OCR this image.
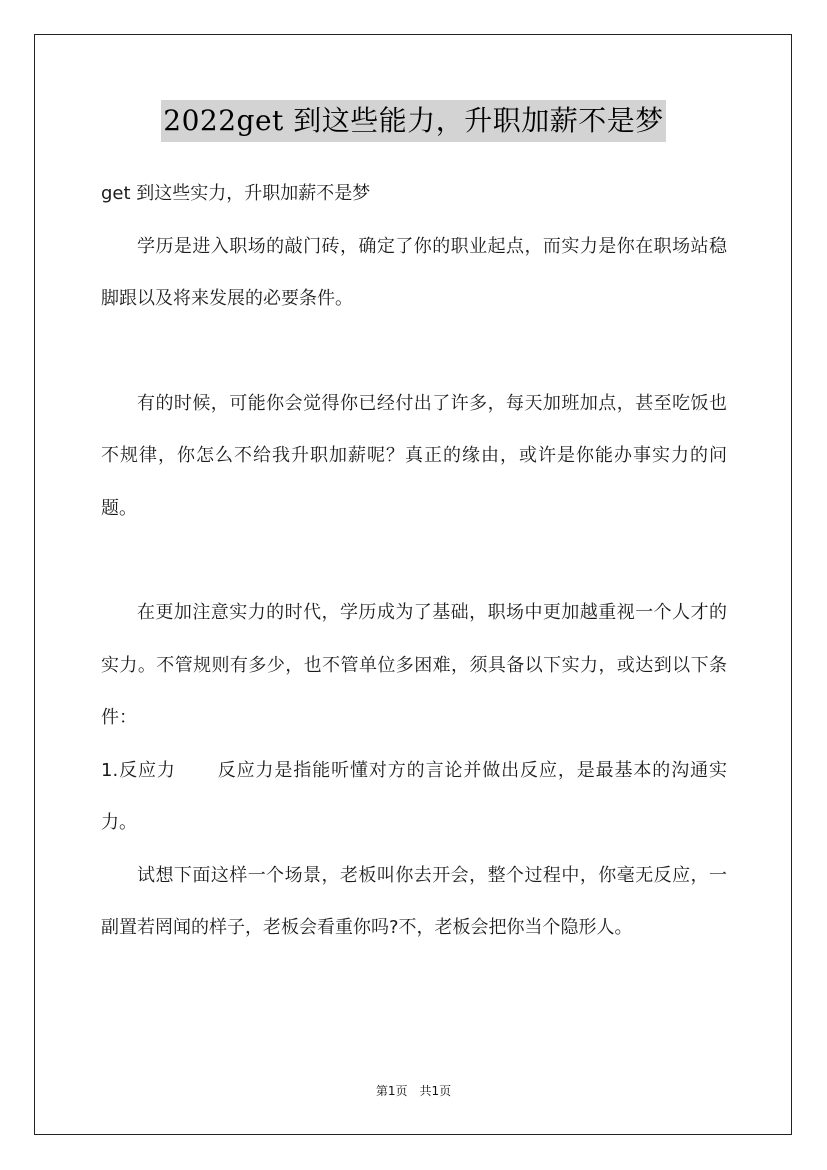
2022get 到这些能力，升职加薪不是梦

get 到这些实力，升职加薪不是梦

学历是进入职场的敲门砖，确定了你的职业起点，而实力是你在职场站稳脚跟以及将来发展的必要条件。

有的时候，可能你会觉得你已经付出了许多，每天加班加点，甚至吃饭也不规律，你怎么不给我升职加薪呢？真正的缘由，或许是你能办事实力的问题。

在更加注意实力的时代，学历成为了基础，职场中更加越重视一个人才的实力。不管规则有多少，也不管单位多困难，须具备以下实力，或达到以下条件：

1.反应力 反应力是指能听懂对方的言论并做出反应，是最基本的沟通实力。

试想下面这样一个场景，老板叫你去开会，整个过程中，你毫无反应，一副置若罔闻的样子，老板会看重你吗?不，老板会把你当个隐形人。

第1页 共1页
